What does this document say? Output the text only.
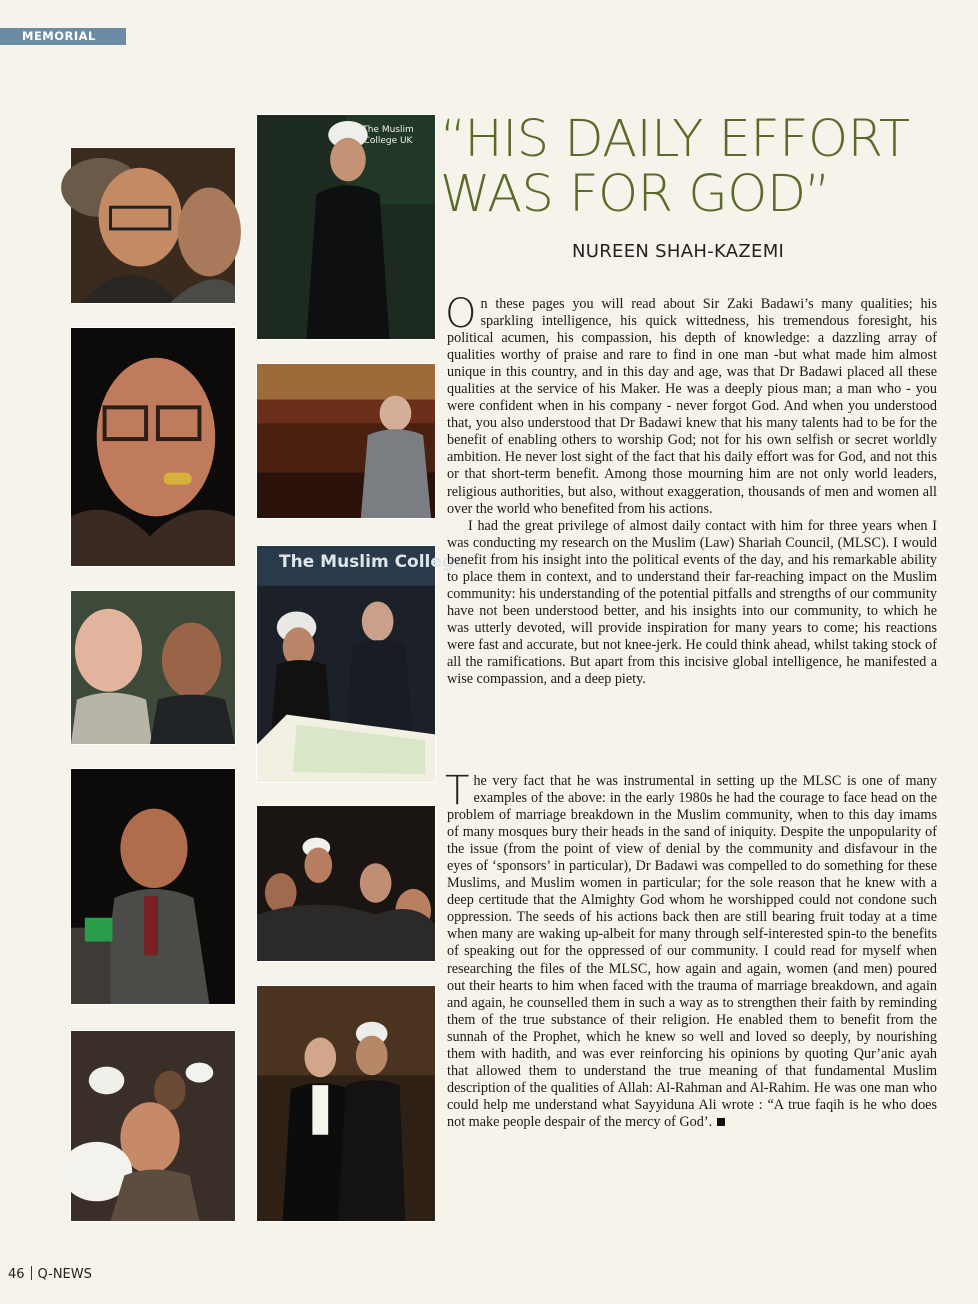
MEMORIAL
The Muslim College UK
The Muslim College
“HIS DAILY EFFORT
WAS FOR GOD”
NUREEN SHAH-KAZEMI

On these pages you will read about Sir Zaki Badawi’s many qualities; his sparkling intelligence, his quick wittedness, his tremendous foresight, his political acumen, his compassion, his depth of knowledge: a dazzling array of qualities worthy of praise and rare to find in one man -but what made him almost unique in this country, and in this day and age, was that Dr Badawi placed all these qualities at the service of his Maker. He was a deeply pious man; a man who - you were confident when in his company - never forgot God. And when you understood that, you also understood that Dr Badawi knew that his many talents had to be for the benefit of enabling others to worship God; not for his own selfish or secret worldly ambition. He never lost sight of the fact that his daily effort was for God, and not this or that short-term benefit. Among those mourning him are not only world leaders, religious authorities, but also, without exaggeration, thousands of men and women all over the world who benefited from his actions.

I had the great privilege of almost daily contact with him for three years when I was conducting my research on the Muslim (Law) Shariah Council, (MLSC). I would benefit from his insight into the political events of the day, and his remarkable ability to place them in context, and to understand their far-reaching impact on the Muslim community: his understanding of the potential pitfalls and strengths of our community have not been understood better, and his insights into our community, to which he was utterly devoted, will provide inspiration for many years to come; his reactions were fast and accurate, but not knee-jerk. He could think ahead, whilst taking stock of all the ramifications. But apart from this incisive global intelligence, he manifested a wise compassion, and a deep piety.

The very fact that he was instrumental in setting up the MLSC is one of many examples of the above: in the early 1980s he had the courage to face head on the problem of marriage breakdown in the Muslim community, when to this day imams of many mosques bury their heads in the sand of iniquity. Despite the unpopularity of the issue (from the point of view of denial by the community and disfavour in the eyes of ‘sponsors’ in particular), Dr Badawi was compelled to do something for these Muslims, and Muslim women in particular; for the sole reason that he knew with a deep certitude that the Almighty God whom he worshipped could not condone such oppression. The seeds of his actions back then are still bearing fruit today at a time when many are waking up-albeit for many through self-interested spin-to the benefits of speaking out for the oppressed of our community. I could read for myself when researching the files of the MLSC, how again and again, women (and men) poured out their hearts to him when faced with the trauma of marriage breakdown, and again and again, he counselled them in such a way as to strengthen their faith by reminding them of the true substance of their religion. He enabled them to benefit from the sunnah of the Prophet, which he knew so well and loved so deeply, by nourishing them with hadith, and was ever reinforcing his opinions by quoting Qur’anic ayah that allowed them to understand the true meaning of that fundamental Muslim description of the qualities of Allah: Al-Rahman and Al-Rahim. He was one man who could help me understand what Sayyiduna Ali wrote : “A true faqih is he who does not make people despair of the mercy of God’.

46 Q-NEWS
